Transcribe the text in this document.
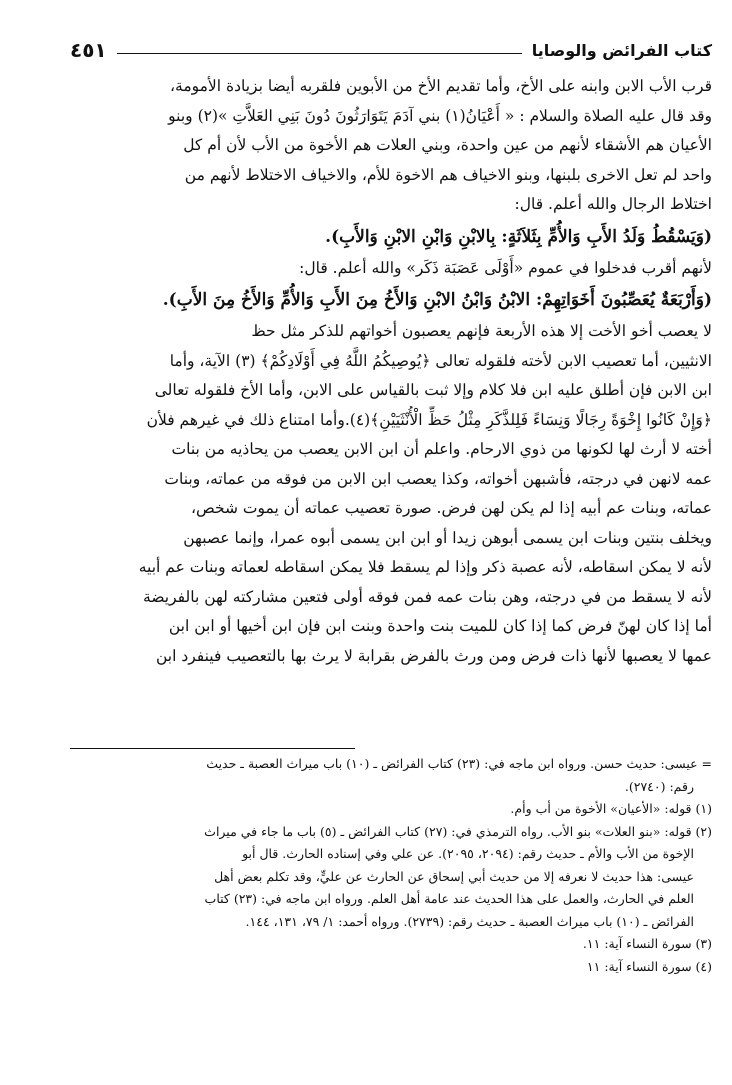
كتاب الفرائض والوصايا
٤٥١
قرب الأب الابن وابنه على الأخ، وأما تقديم الأخ من الأبوين فلقربه أيضا بزيادة الأمومة،
وقد قال عليه الصلاة والسلام : « أَعْيَانُ(١) بني آدَمَ يَتَوَارَثُونَ دُونَ بَنِي العَلاَّتِ »(٢) وبنو
الأعيان هم الأشقاء لأنهم من عين واحدة، وبني العلات هم الأخوة من الأب لأن أم كل
واحد لم تعل الاخرى بلبنها، وبنو الاخياف هم الاخوة للأم، والاخياف الاختلاط لأنهم من
اختلاط الرجال والله أعلم. قال:
(وَيَسْقُطُ وَلَدُ الأَبِ وَالأُمِّ بِثَلاَثَةٍ: بِالابْنِ وَابْنِ الابْنِ وَالأَبِ).
لأنهم أقرب فدخلوا في عموم «أَوْلَى عَصَبَة ذَكَر» والله أعلم. قال:
(وَأَرْبَعَةٌ يُعَصِّبُونَ أَخَوَاتِهِمْ: الابْنُ وَابْنُ الابْنِ وَالأَخُ مِنَ الأَبِ وَالأُمِّ وَالأَخُ مِنَ الأَبِ).
لا يعصب أخو الأخت إلا هذه الأربعة فإنهم يعصبون أخواتهم للذكر مثل حظ
الانثيين، أما تعصيب الابن لأخته فلقوله تعالى ﴿يُوصِيكُمُ اللَّهُ فِي أَوْلَادِكُمْ﴾ (٣) الآية، وأما
ابن الابن فإن أطلق عليه ابن فلا كلام وإلا ثبت بالقياس على الابن، وأما الأخ فلقوله تعالى
﴿وَإِنْ كَانُوا إِخْوَةً رِجَالًا وَنِسَاءً فَلِلذَّكَرِ مِثْلُ حَظِّ الْأُنْثَيَيْنِ﴾(٤).وأما امتناع ذلك في غيرهم فلأن
أخته لا أرث لها لكونها من ذوي الارحام. واعلم أن ابن الابن يعصب من يحاذيه من بنات
عمه لانهن في درجته، فأشبهن أخواته، وكذا يعصب ابن الابن من فوقه من عماته، وبنات
عماته، وبنات عم أبيه إذا لم يكن لهن فرض. صورة تعصيب عماته أن يموت شخص،
ويخلف بنتين وبنات ابن يسمى أبوهن زيدا أو ابن ابن يسمى أبوه عمرا، وإنما عصبهن
لأنه لا يمكن اسقاطه، لأنه عصبة ذكر وإذا لم يسقط فلا يمكن اسقاطه لعماته وبنات عم أبيه
لأنه لا يسقط من في درجته، وهن بنات عمه فمن فوقه أولى فتعين مشاركته لهن بالفريضة
أما إذا كان لهنّ فرض كما إذا كان للميت بنت واحدة وبنت ابن فإن ابن أخيها أو ابن ابن
عمها لا يعصبها لأنها ذات فرض ومن ورث بالفرض بقرابة لا يرث بها بالتعصيب فينفرد ابن
= عيسى: حديث حسن. ورواه ابن ماجه في: (٢٣) كتاب الفرائض ـ (١٠) باب ميراث العصبة ـ حديث
رقم: (٢٧٤٠).
(١) قوله: «الأعيان» الأخوة من أب وأم.
(٢) قوله: «بنو العلات» بنو الأب. رواه الترمذي في: (٢٧) كتاب الفرائض ـ (٥) باب ما جاء في ميراث
الإخوة من الأب والأم ـ حديث رقم: (٢٠٩٤، ٢٠٩٥). عن علي وفي إسناده الحارث. قال أبو
عيسى: هذا حديث لا نعرفه إلا من حديث أبي إسحاق عن الحارث عن عليٍّ، وقد تكلم بعض أهل
العلم في الحارث، والعمل على هذا الحديث عند عامة أهل العلم. ورواه ابن ماجه في: (٢٣) كتاب
الفرائض ـ (١٠) باب ميراث العصبة ـ حديث رقم: (٢٧٣٩). ورواه أحمد: ١/ ٧٩، ١٣١، ١٤٤.
(٣) سورة النساء آية: ١١.
(٤) سورة النساء آية: ١١
